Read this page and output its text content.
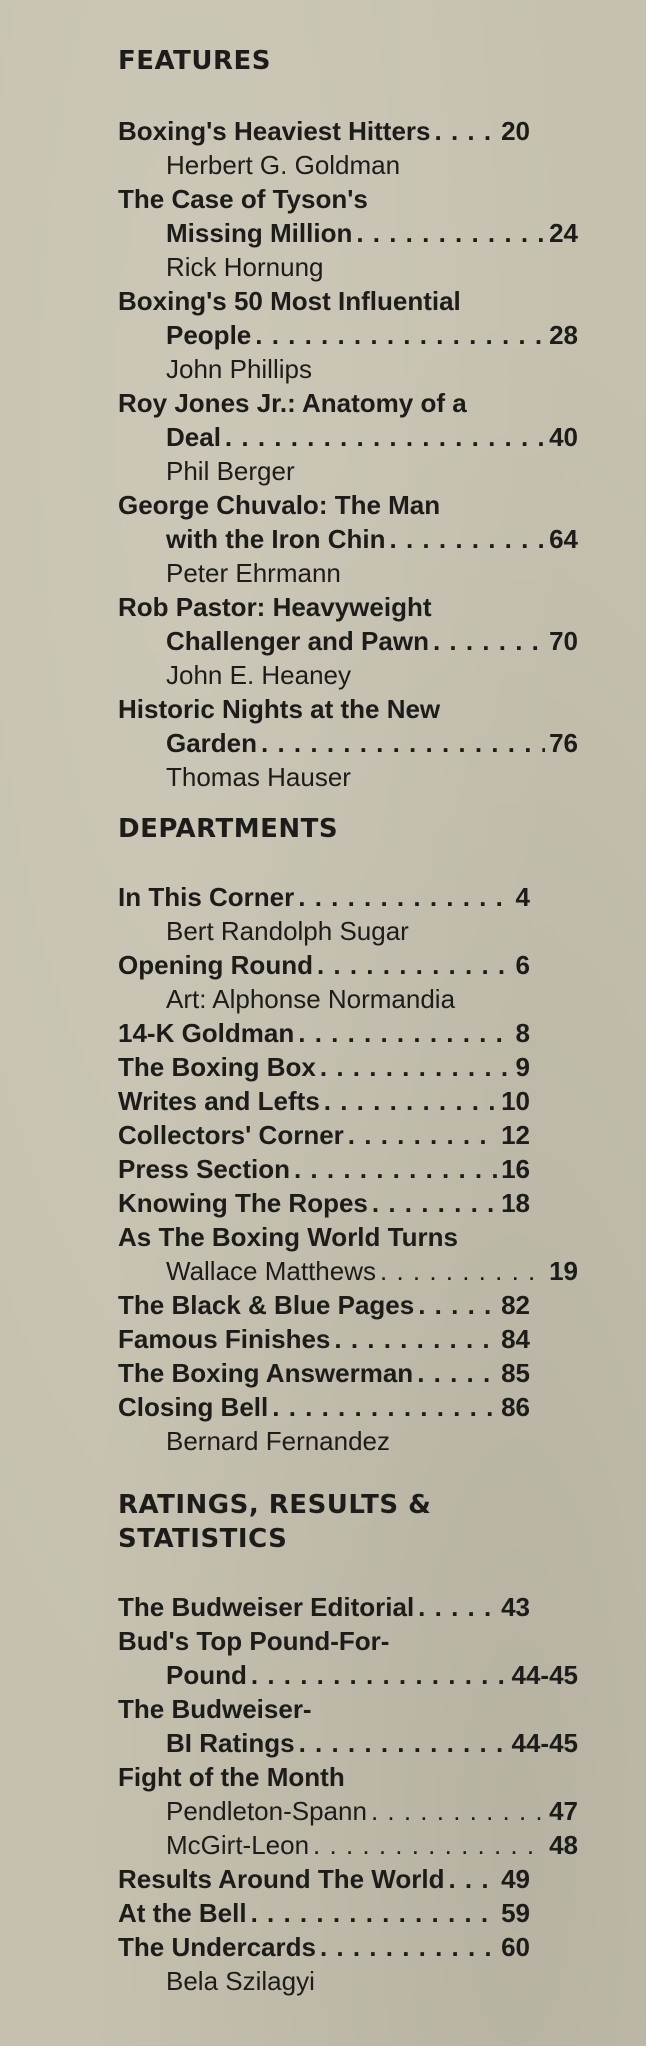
FEATURES
Boxing's Heaviest Hitters . . .	20
Herbert G. Goldman
The Case of Tyson's
Missing Million . . .	24
Rick Hornung
Boxing's 50 Most Influential
People . . .	28
John Phillips
Roy Jones Jr.: Anatomy of a
Deal . . .	40
Phil Berger
George Chuvalo: The Man
with the Iron Chin . . .	64
Peter Ehrmann
Rob Pastor: Heavyweight
Challenger and Pawn . . .	70
John E. Heaney
Historic Nights at the New
Garden . . .	76
Thomas Hauser
DEPARTMENTS
In This Corner . . .	4
Bert Randolph Sugar
Opening Round . . .	6
Art: Alphonse Normandia
14-K Goldman . . .	8
The Boxing Box . . .	9
Writes and Lefts . . .	10
Collectors' Corner . . .	12
Press Section . . .	16
Knowing The Ropes . . .	18
As The Boxing World Turns
Wallace Matthews . . .	19
The Black & Blue Pages . . .	82
Famous Finishes . . .	84
The Boxing Answerman . . .	85
Closing Bell . . .	86
Bernard Fernandez
RATINGS, RESULTS &
STATISTICS
The Budweiser Editorial . . .	43
Bud's Top Pound-For-
Pound . . .	44-45
The Budweiser-
BI Ratings . . .	44-45
Fight of the Month
Pendleton-Spann . . .	47
McGirt-Leon . . .	48
Results Around The World . . . 49
At the Bell . . .	59
The Undercards . . .	60
Bela Szilagyi
